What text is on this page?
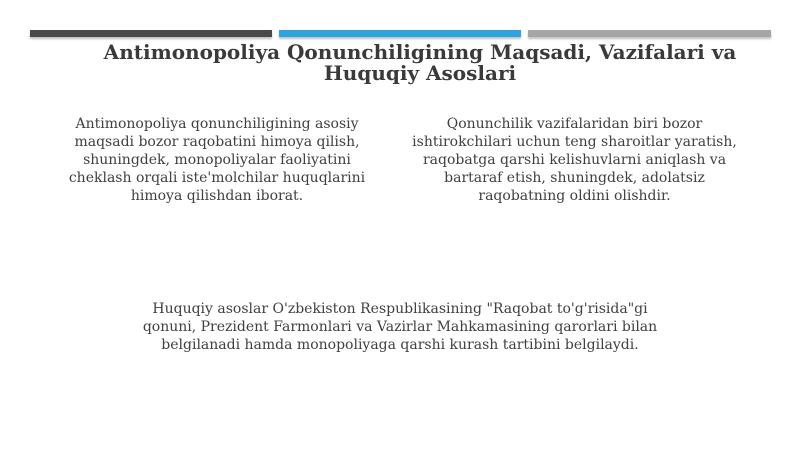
Antimonopoliya Qonunchiligining Maqsadi, Vazifalari va Huquqiy Asoslari

Antimonopoliya qonunchiligining asosiy maqsadi bozor raqobatini himoya qilish, shuningdek, monopoliyalar faoliyatini cheklash orqali iste'molchilar huquqlarini himoya qilishdan iborat.

Qonunchilik vazifalaridan biri bozor ishtirokchilari uchun teng sharoitlar yaratish, raqobatga qarshi kelishuvlarni aniqlash va bartaraf etish, shuningdek, adolatsiz raqobatning oldini olishdir.

Huquqiy asoslar O'zbekiston Respublikasining "Raqobat to'g'risida"gi qonuni, Prezident Farmonlari va Vazirlar Mahkamasining qarorlari bilan belgilanadi hamda monopoliyaga qarshi kurash tartibini belgilaydi.
